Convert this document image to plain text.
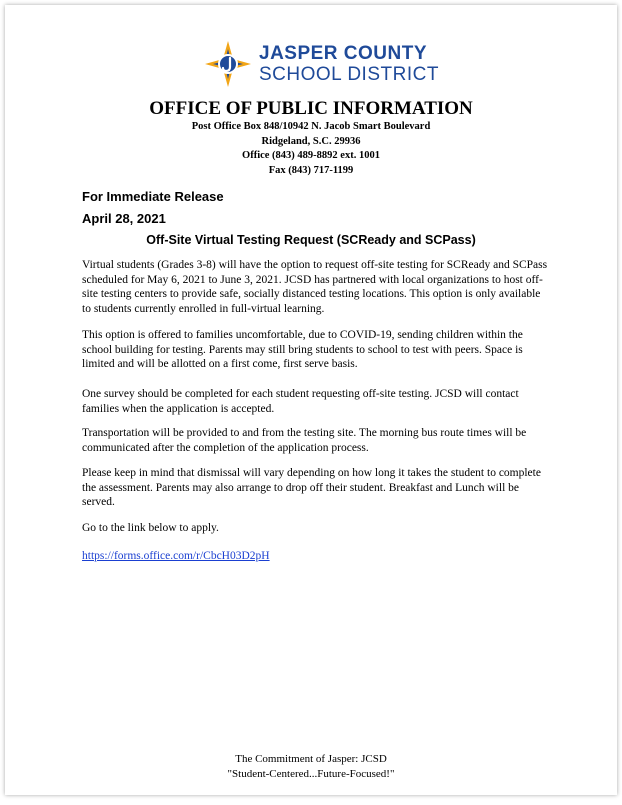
JASPER COUNTY
SCHOOL DISTRICT
OFFICE OF PUBLIC INFORMATION
Post Office Box 848/10942 N. Jacob Smart Boulevard
Ridgeland, S.C. 29936
Office (843) 489-8892 ext. 1001
Fax (843) 717-1199
For Immediate Release
April 28, 2021
Off-Site Virtual Testing Request (SCReady and SCPass)

Virtual students (Grades 3-8) will have the option to request off-site testing for SCReady and SCPass scheduled for May 6, 2021 to June 3, 2021. JCSD has partnered with local organizations to host off-site testing centers to provide safe, socially distanced testing locations. This option is only available to students currently enrolled in full-virtual learning.

This option is offered to families uncomfortable, due to COVID-19, sending children within the school building for testing. Parents may still bring students to school to test with peers. Space is limited and will be allotted on a first come, first serve basis.

One survey should be completed for each student requesting off-site testing. JCSD will contact families when the application is accepted.

Transportation will be provided to and from the testing site. The morning bus route times will be communicated after the completion of the application process.

Please keep in mind that dismissal will vary depending on how long it takes the student to complete the assessment. Parents may also arrange to drop off their student. Breakfast and Lunch will be served.

Go to the link below to apply.

https://forms.office.com/r/CbcH03D2pH
The Commitment of Jasper: JCSD
"Student-Centered...Future-Focused!"
